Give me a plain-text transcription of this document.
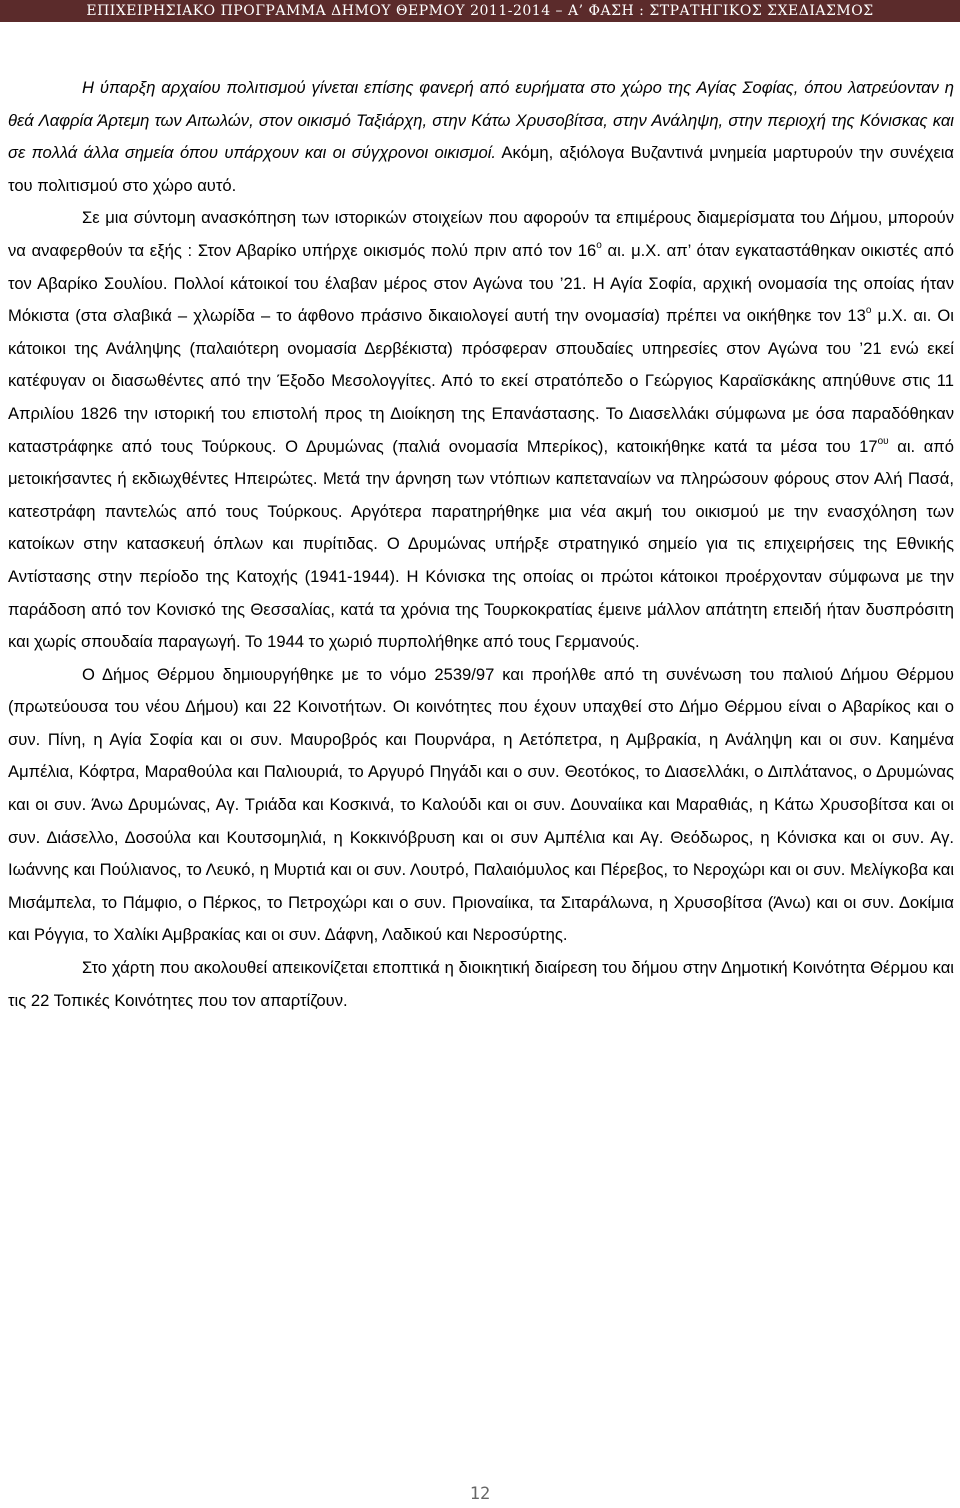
ΕΠΙΧΕΙΡΗΣΙΑΚΟ ΠΡΟΓΡΑΜΜΑ ΔΗΜΟΥ ΘΕΡΜΟΥ 2011-2014 – Α’ ΦΑΣΗ : ΣΤΡΑΤΗΓΙΚΟΣ ΣΧΕΔΙΑΣΜΟΣ

Η ύπαρξη αρχαίου πολιτισμού γίνεται επίσης φανερή από ευρήματα στο χώρο της Αγίας Σοφίας, όπου λατρεύονταν η θεά Λαφρία Άρτεμη των Αιτωλών, στον οικισμό Ταξιάρχη, στην Κάτω Χρυσοβίτσα, στην Ανάληψη, στην περιοχή της Κόνισκας και σε πολλά άλλα σημεία όπου υπάρχουν και οι σύγχρονοι οικισμοί. Ακόμη, αξιόλογα Βυζαντινά μνημεία μαρτυρούν την συνέχεια του πολιτισμού στο χώρο αυτό.

Σε μια σύντομη ανασκόπηση των ιστορικών στοιχείων που αφορούν τα επιμέρους διαμερίσματα του Δήμου, μπορούν να αναφερθούν τα εξής : Στον Αβαρίκο υπήρχε οικισμός πολύ πριν από τον $16^o$ αι. μ.Χ. απ’ όταν εγκαταστάθηκαν οικιστές από τον Αβαρίκο Σουλίου. Πολλοί κάτοικοί του έλαβαν μέρος στον Αγώνα του ’21. Η Αγία Σοφία, αρχική ονομασία της οποίας ήταν Μόκιστα (στα σλαβικά – χλωρίδα – το άφθονο πράσινο δικαιολογεί αυτή την ονομασία) πρέπει να οικήθηκε τον $13^o$ μ.Χ. αι. Οι κάτοικοι της Ανάληψης (παλαιότερη ονομασία Δερβέκιστα) πρόσφεραν σπουδαίες υπηρεσίες στον Αγώνα του ’21 ενώ εκεί κατέφυγαν οι διασωθέντες από την Έξοδο Μεσολογγίτες. Από το εκεί στρατόπεδο ο Γεώργιος Καραϊσκάκης απηύθυνε στις 11 Απριλίου 1826 την ιστορική του επιστολή προς τη Διοίκηση της Επανάστασης. Το Διασελλάκι σύμφωνα με όσα παραδόθηκαν καταστράφηκε από τους Τούρκους. Ο Δρυμώνας (παλιά ονομασία Μπερίκος), κατοικήθηκε κατά τα μέσα του $17^{o\upsilon}$ αι. από μετοικήσαντες ή εκδιωχθέντες Ηπειρώτες. Μετά την άρνηση των ντόπιων καπεταναίων να πληρώσουν φόρους στον Αλή Πασά, κατεστράφη παντελώς από τους Τούρκους. Αργότερα παρατηρήθηκε μια νέα ακμή του οικισμού με την ενασχόληση των κατοίκων στην κατασκευή όπλων και πυρίτιδας. Ο Δρυμώνας υπήρξε στρατηγικό σημείο για τις επιχειρήσεις της Εθνικής Αντίστασης στην περίοδο της Κατοχής (1941-1944). Η Κόνισκα της οποίας οι πρώτοι κάτοικοι προέρχονταν σύμφωνα με την παράδοση από τον Κονισκό της Θεσσαλίας, κατά τα χρόνια της Τουρκοκρατίας έμεινε μάλλον απάτητη επειδή ήταν δυσπρόσιτη και χωρίς σπουδαία παραγωγή. Το 1944 το χωριό πυρπολήθηκε από τους Γερμανούς.

Ο Δήμος Θέρμου δημιουργήθηκε με το νόμο 2539/97 και προήλθε από τη συνένωση του παλιού Δήμου Θέρμου (πρωτεύουσα του νέου Δήμου) και 22 Κοινοτήτων. Οι κοινότητες που έχουν υπαχθεί στο Δήμο Θέρμου είναι ο Αβαρίκος και ο συν. Πίνη, η Αγία Σοφία και οι συν. Μαυροβρός και Πουρνάρα, η Αετόπετρα, η Αμβρακία, η Ανάληψη και οι συν. Καημένα Αμπέλια, Κόφτρα, Μαραθούλα και Παλιουριά, το Αργυρό Πηγάδι και ο συν. Θεοτόκος, το Διασελλάκι, ο Διπλάτανος, ο Δρυμώνας και οι συν. Άνω Δρυμώνας, Αγ. Τριάδα και Κοσκινά, το Καλούδι και οι συν. Δουναίικα και Μαραθιάς, η Κάτω Χρυσοβίτσα και οι συν. Διάσελλο, Δοσούλα και Κουτσομηλιά, η Κοκκινόβρυση και οι συν Αμπέλια και Αγ. Θεόδωρος, η Κόνισκα και οι συν. Αγ. Ιωάννης και Πούλιανος, το Λευκό, η Μυρτιά και οι συν. Λουτρό, Παλαιόμυλος και Πέρεβος, το Νεροχώρι και οι συν. Μελίγκοβα και Μισάμπελα, το Πάμφιο, ο Πέρκος, το Πετροχώρι και ο συν. Πριοναίικα, τα Σιταράλωνα, η Χρυσοβίτσα (Άνω) και οι συν. Δοκίμια και Ρόγγια, το Χαλίκι Αμβρακίας και οι συν. Δάφνη, Λαδικού και Νεροσύρτης.

Στο χάρτη που ακολουθεί απεικονίζεται εποπτικά η διοικητική διαίρεση του δήμου στην Δημοτική Κοινότητα Θέρμου και τις 22 Τοπικές Κοινότητες που τον απαρτίζουν.

12
